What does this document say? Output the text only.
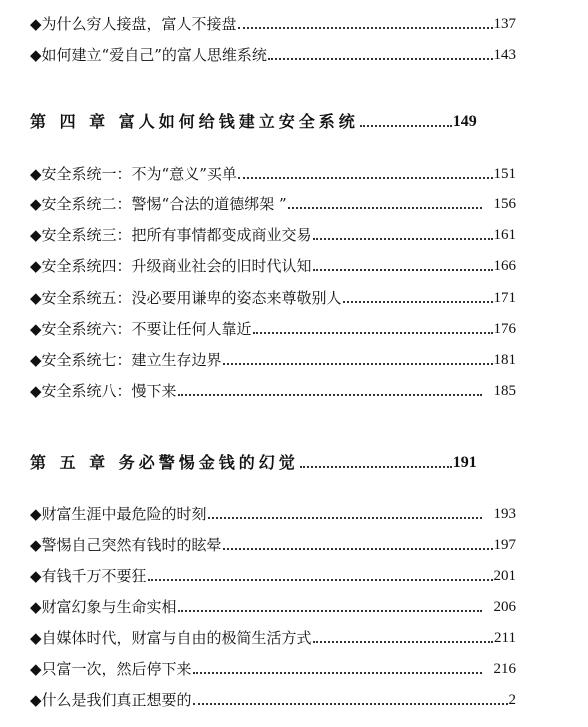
◆为什么穷人接盘，富人不接盘	137
◆如何建立“爱自己”的富人思维系统	143
第 四 章 富人如何给钱建立安全系统	149
◆安全系统一：不为“意义”买单	151
◆安全系统二：警惕“合法的道德绑架 ”	156
◆安全系统三：把所有事情都变成商业交易	161
◆安全系统四：升级商业社会的旧时代认知	166
◆安全系统五：没必要用谦卑的姿态来尊敬别人	171
◆安全系统六：不要让任何人靠近	176
◆安全系统七：建立生存边界	181
◆安全系统八：慢下来	185
第 五 章 务必警惕金钱的幻觉	191
◆财富生涯中最危险的时刻	193
◆警惕自己突然有钱时的眩晕	197
◆有钱千万不要狂	201
◆财富幻象与生命实相	206
◆自媒体时代，财富与自由的极简生活方式	211
◆只富一次，然后停下来	216
◆什么是我们真正想要的	2
